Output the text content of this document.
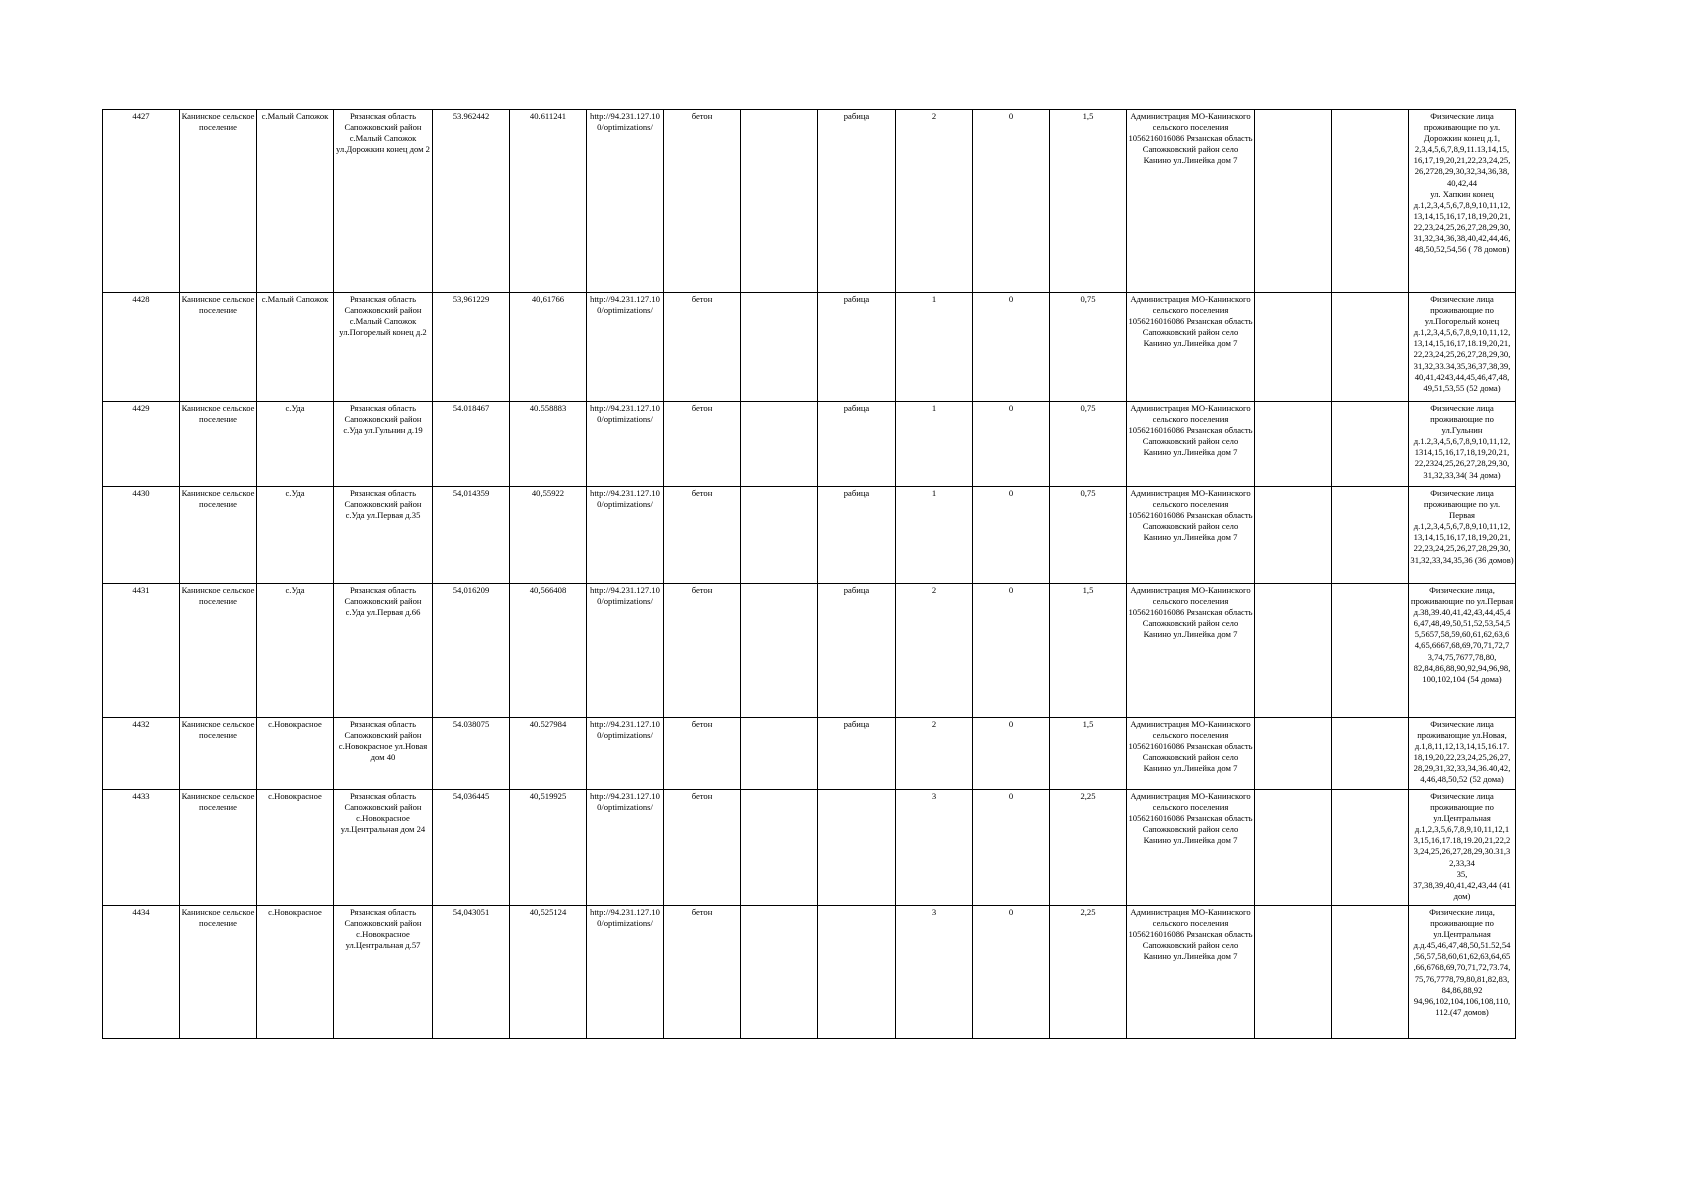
4427	Канинское сельское поселение	с.Малый Сапожок	Рязанская область Сапожковский район с.Малый Сапожок ул.Дорожкин конец дом 2	53.962442	40.611241	http://94.231.127.10 0/optimizations/	бетон		рабица	2	0	1,5	Администрация МО-Канинского сельского поселения 1056216016086 Рязанская область Сапожковский район село Канино ул.Линейка дом 7			Физические лица проживающие по ул. Дорожкин конец д.1, 2,3,4,5,6,7,8,9,11.13,14,15, 16,17,19,20,21,22,23,24,25, 26,2728,29,30,32,34,36,38, 40,42,44
ул. Хапкин конец д.1,2,3,4,5,6,7,8,9,10,11,12, 13,14,15,16,17,18,19,20,21, 22,23,24,25,26,27,28,29,30, 31,32,34,36,38,40,42,44,46, 48,50,52,54,56 ( 78 домов)
4428	Канинское сельское поселение	с.Малый Сапожок	Рязанская область Сапожковский район с.Малый Сапожок ул.Погорелый конец д.2	53,961229	40,61766	http://94.231.127.10 0/optimizations/	бетон		рабица	1	0	0,75	Администрация МО-Канинского сельского поселения 1056216016086 Рязанская область Сапожковский район село Канино ул.Линейка дом 7			Физические лица проживающие по ул.Погорелый конец д.1,2,3,4,5,6,7,8,9,10,11,12, 13,14,15,16,17,18.19,20,21, 22,23,24,25,26,27,28,29,30, 31,32,33.34,35,36,37,38,39, 40,41,4243,44,45,46,47,48, 49,51,53,55 (52 дома)
4429	Канинское сельское поселение	с.Уда	Рязанская область Сапожковский район с.Уда ул.Гульнин д.19	54.018467	40.558883	http://94.231.127.10 0/optimizations/	бетон		рабица	1	0	0,75	Администрация МО-Канинского сельского поселения 1056216016086 Рязанская область Сапожковский район село Канино ул.Линейка дом 7			Физические лица проживающие по ул.Гульнин д.1.2,3,4,5,6,7,8,9,10,11,12, 1314,15,16,17,18,19,20,21, 22,2324,25,26,27,28,29,30, 31,32,33,34( 34 дома)
4430	Канинское сельское поселение	с.Уда	Рязанская область Сапожковский район с.Уда ул.Первая д.35	54,014359	40,55922	http://94.231.127.10 0/optimizations/	бетон		рабица	1	0	0,75	Администрация МО-Канинского сельского поселения 1056216016086 Рязанская область Сапожковский район село Канино ул.Линейка дом 7			Физические лица проживающие по ул. Первая д.1,2,3,4,5,6,7,8,9,10,11,12, 13,14,15,16,17,18,19,20,21, 22,23,24,25,26,27,28,29,30, 31,32,33,34,35,36 (36 домов)
4431	Канинское сельское поселение	с.Уда	Рязанская область Сапожковский район с.Уда ул.Первая д.66	54,016209	40,566408	http://94.231.127.10 0/optimizations/	бетон		рабица	2	0	1,5	Администрация МО-Канинского сельского поселения 1056216016086 Рязанская область Сапожковский район село Канино ул.Линейка дом 7			Физические лица, проживающие по ул.Первая д.38,39.40,41,42,43,44,45,4 6,47,48,49,50,51,52,53,54,5 5,5657,58,59,60,61,62,63,6 4,65,6667,68,69,70,71,72,7 3,74,75,7677,78,80, 82,84,86,88,90,92,94,96,98, 100,102,104 (54 дома)
4432	Канинское сельское поселение	с.Новокрасное	Рязанская область Сапожковский район с.Новокрасное ул.Новая дом 40	54.038075	40.527984	http://94.231.127.10 0/optimizations/	бетон		рабица	2	0	1,5	Администрация МО-Канинского сельского поселения 1056216016086 Рязанская область Сапожковский район село Канино ул.Линейка дом 7			Физические лица проживающие ул.Новая, д.1,8,11,12,13,14,15,16.17. 18,19,20,22,23,24,25,26,27, 28,29,31,32,33,34,36.40,42, 4,46,48,50,52 (52 дома)
4433	Канинское сельское поселение	с.Новокрасное	Рязанская область Сапожковский район с.Новокрасное ул.Центральная дом 24	54,036445	40,519925	http://94.231.127.10 0/optimizations/	бетон			3	0	2,25	Администрация МО-Канинского сельского поселения 1056216016086 Рязанская область Сапожковский район село Канино ул.Линейка дом 7			Физические лица проживающие по ул.Центральная д.1,2,3,5,6,7,8,9,10,11,12,1 3,15,16,17.18,19.20,21,22,2 3,24,25,26,27,28,29,30.31,3 2,33,34
35,
37,38,39,40,41,42,43,44 (41 дом)
4434	Канинское сельское поселение	с.Новокрасное	Рязанская область Сапожковский район с.Новокрасное ул.Центральная д.57	54,043051	40,525124	http://94.231.127.10 0/optimizations/	бетон			3	0	2,25	Администрация МО-Канинского сельского поселения 1056216016086 Рязанская область Сапожковский район село Канино ул.Линейка дом 7			Физические лица, проживающие по ул.Центральная д.д.45,46,47,48,50,51.52,54 ,56,57,58,60,61,62,63,64,65 ,66,6768,69,70,71,72,73.74, 75,76,7778,79,80,81,82,83, 84,86,88,92 94,96,102,104,106,108,110, 112.(47 домов)
